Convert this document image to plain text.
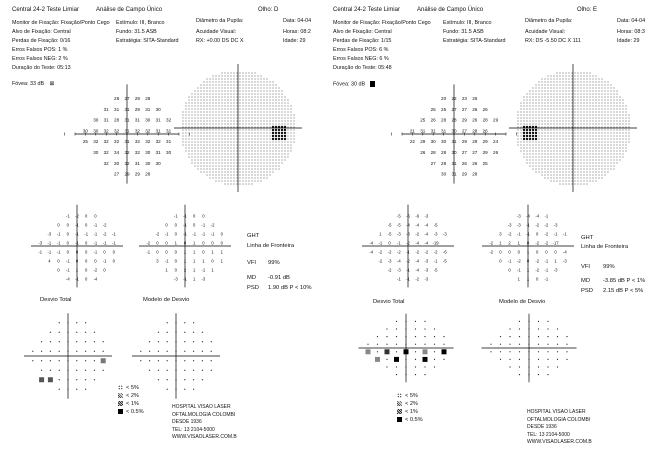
Central 24-2 Teste Limiar	Análise de Campo Único	Olho: D
Monitor de Fixação: Fixação/Ponto Cego
Alvo de Fixação: Central
Perdas de Fixação: 0/16
Erros Falsos POS: 1 %
Erros Falsos NEG: 2 %
Duração do Teste: 05:13
Estímulo: III, Branco
Fundo: 31.5 ASB
Estratégia: SITA-Standard
Diâmetro da Pupila:
Acuidade Visual:
RX: +0.00 DS DC X
Data: 04-04
Horas: 08:2
Idade: 29
Fóvea: 33 dB ⊠
28 27 29 28
31 31 31 29 31 30
30 31 28 31 31 30 31 32
30 30 32 32 31 32 32 31 31
25 32 32 32 31 32 32 32 31
30 32 34 32 32 30 31 30
32 30 32 31 30 30
27 29 29 28
-1 -2 0 0
0 0 -1 0 -1 -2
-3 -1 0 -1 -1 -1 -2 -1
-3 -1 -1 0 -1 0 -1 -1 -1
-1 -1 -1 0 0 0 -1 0 0
4 0 -1 0 0 0 -1 0
0 -1 1 0 -2 0
-4 -1 0 -4
-1 -1 0 0
0 0 -1 0 -1 -2
-2 -1 0 -1 -1 -1 -1 0
-2 0 0 1 0 1 0 0 0
-1 0 0 0 1 1 0 1 1
3 -1 0 1 1 1 0 1
1 0 2 1 -1 1
-3 -1 1 -3
GHT
Linha de Fronteira
VFI 99%
MD -0.91 dB
PSD 1.90 dB P < 10%
Desvio Total	Modelo de Desvio
< 5%
< 2%
< 1%
< 0.5%
HOSPITAL VISAO LASER
OFTALMOLOGIA COLOMBI
DESDE 1936
TEL: 13 2104-5000
WWW.VISAOLASER.COM.B
Central 24-2 Teste Limiar	Análise de Campo Único	Olho: E
Monitor de Fixação: Fixação/Ponto Cego
Alvo de Fixação: Central
Perdas de Fixação: 1/15
Erros Falsos POS: 6 %
Erros Falsos NEG: 6 %
Duração do Teste: 05:48
Estímulo: III, Branco
Fundo: 31.5 ASB
Estratégia: SITA-Standard
Diâmetro da Pupila:
Acuidade Visual:
RX: DS -5.50 DC X 111
Data: 04-04
Horas: 08:3
Idade: 29
Fóvea: 30 dB
20 22 23 26
25 25 27 27 26 26
25 26 28 28 29 26 28 29
21 31 31 31 30 27 28 26
22 29 30 30 31 29 29 29 24
26 28 28 30 27 27 29 26
27 28 31 26 26 25
30 31 29 28
-5 -6 -6 -3
-5 -5 -4 -4 -4 -5
1 -5 -3 -3 -2 -4 -3 -3
-4 -1 0 -1 -2 -4 -4 -19
-4 -2 -2 -2 -1 -2 -2 -2 -6
-2 -3 -4 -2 -4 -3 -1 -5
-2 -3 -1 -4 -3 -5
-1 -1 -2 -3
-3 -4 -4 -1
-3 -3 -1 -2 -2 -3
3 -2 -1 -1 0 -2 -1 -1
-2 1 2 1 0 -2 -2 -17
-2 0 0 0 1 0 0 0 -4
0 -1 -2 0 -2 -1 1 -3
0 -1 1 -2 -1 -3
1 1 0 -1
GHT
Linha de Fronteira
VFI 99%
MD -3.85 dB P < 1%
PSD 2.15 dB P < 5%
Desvio Total	Modelo de Desvio
< 5%
< 2%
< 1%
< 0.5%
HOSPITAL VISAO LASER
OFTALMOLOGIA COLOMBI
DESDE 1936
TEL: 13 2104-5000
WWW.VISAOLASER.COM.B
